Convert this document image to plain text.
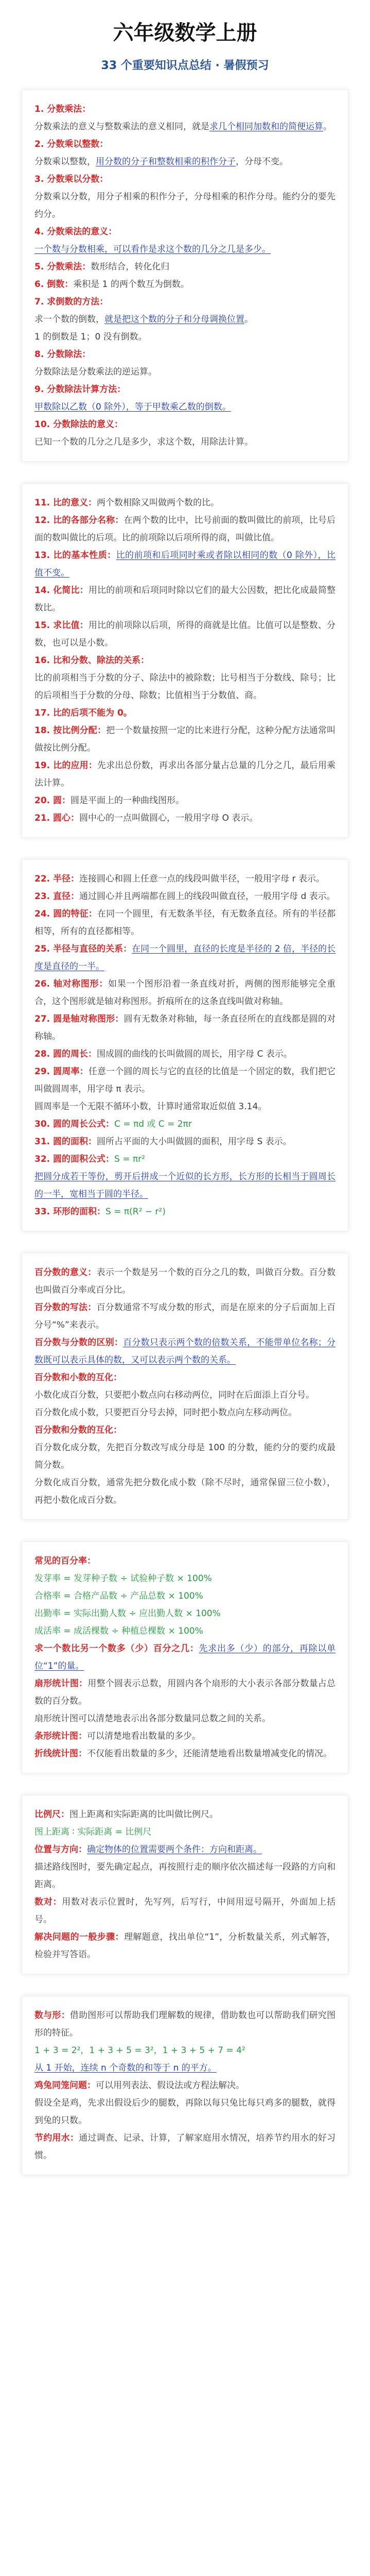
六年级数学上册
33 个重要知识点总结 · 暑假预习

1. 分数乘法：

分数乘法的意义与整数乘法的意义相同，就是求几个相同加数和的简便运算。

2. 分数乘以整数：

分数乘以整数，用分数的分子和整数相乘的积作分子，分母不变。

3. 分数乘以分数：

分数乘以分数，用分子相乘的积作分子，分母相乘的积作分母。能约分的要先约分。

4. 分数乘法的意义：

一个数与分数相乘，可以看作是求这个数的几分之几是多少。

5. 分数乘法：数形结合，转化化归

6. 倒数：乘积是 1 的两个数互为倒数。

7. 求倒数的方法：

求一个数的倒数，就是把这个数的分子和分母调换位置。

1 的倒数是 1；0 没有倒数。

8. 分数除法：

分数除法是分数乘法的逆运算。

9. 分数除法计算方法：

甲数除以乙数（0 除外），等于甲数乘乙数的倒数。

10. 分数除法的意义：

已知一个数的几分之几是多少，求这个数，用除法计算。

11. 比的意义：两个数相除又叫做两个数的比。

12. 比的各部分名称：在两个数的比中，比号前面的数叫做比的前项，比号后面的数叫做比的后项。比的前项除以后项所得的商，叫做比值。

13. 比的基本性质：比的前项和后项同时乘或者除以相同的数（0 除外），比值不变。

14. 化简比：用比的前项和后项同时除以它们的最大公因数，把比化成最简整数比。

15. 求比值：用比的前项除以后项，所得的商就是比值。比值可以是整数、分数，也可以是小数。

16. 比和分数、除法的关系：

比的前项相当于分数的分子、除法中的被除数；比号相当于分数线、除号；比的后项相当于分数的分母、除数；比值相当于分数值、商。

17. 比的后项不能为 0。

18. 按比例分配：把一个数量按照一定的比来进行分配，这种分配方法通常叫做按比例分配。

19. 比的应用：先求出总份数，再求出各部分量占总量的几分之几，最后用乘法计算。

20. 圆：圆是平面上的一种曲线图形。

21. 圆心：圆中心的一点叫做圆心，一般用字母 O 表示。

22. 半径：连接圆心和圆上任意一点的线段叫做半径，一般用字母 r 表示。

23. 直径：通过圆心并且两端都在圆上的线段叫做直径，一般用字母 d 表示。

24. 圆的特征：在同一个圆里，有无数条半径，有无数条直径。所有的半径都相等，所有的直径都相等。

25. 半径与直径的关系：在同一个圆里，直径的长度是半径的 2 倍，半径的长度是直径的一半。

26. 轴对称图形：如果一个图形沿着一条直线对折，两侧的图形能够完全重合，这个图形就是轴对称图形。折痕所在的这条直线叫做对称轴。

27. 圆是轴对称图形：圆有无数条对称轴，每一条直径所在的直线都是圆的对称轴。

28. 圆的周长：围成圆的曲线的长叫做圆的周长，用字母 C 表示。

29. 圆周率：任意一个圆的周长与它的直径的比值是一个固定的数，我们把它叫做圆周率，用字母 π 表示。

圆周率是一个无限不循环小数，计算时通常取近似值 3.14。

30. 圆的周长公式：C = πd 或 C = 2πr

31. 圆的面积：圆所占平面的大小叫做圆的面积，用字母 S 表示。

32. 圆的面积公式：S = πr²

把圆分成若干等份，剪开后拼成一个近似的长方形，长方形的长相当于圆周长的一半，宽相当于圆的半径。

33. 环形的面积：S = π(R² − r²)

百分数的意义：表示一个数是另一个数的百分之几的数，叫做百分数。百分数也叫做百分率或百分比。

百分数的写法：百分数通常不写成分数的形式，而是在原来的分子后面加上百分号“%”来表示。

百分数与分数的区别：百分数只表示两个数的倍数关系，不能带单位名称；分数既可以表示具体的数，又可以表示两个数的关系。

百分数和小数的互化：

小数化成百分数，只要把小数点向右移动两位，同时在后面添上百分号。

百分数化成小数，只要把百分号去掉，同时把小数点向左移动两位。

百分数和分数的互化：

百分数化成分数，先把百分数改写成分母是 100 的分数，能约分的要约成最简分数。

分数化成百分数，通常先把分数化成小数（除不尽时，通常保留三位小数），再把小数化成百分数。

常见的百分率：

发芽率 = 发芽种子数 ÷ 试验种子数 × 100%

合格率 = 合格产品数 ÷ 产品总数 × 100%

出勤率 = 实际出勤人数 ÷ 应出勤人数 × 100%

成活率 = 成活棵数 ÷ 种植总棵数 × 100%

求一个数比另一个数多（少）百分之几：先求出多（少）的部分，再除以单位“1”的量。

扇形统计图：用整个圆表示总数，用圆内各个扇形的大小表示各部分数量占总数的百分数。

扇形统计图可以清楚地表示出各部分数量同总数之间的关系。

条形统计图：可以清楚地看出数量的多少。

折线统计图：不仅能看出数量的多少，还能清楚地看出数量增减变化的情况。

比例尺：图上距离和实际距离的比叫做比例尺。

图上距离 ∶ 实际距离 = 比例尺

位置与方向：确定物体的位置需要两个条件：方向和距离。

描述路线图时，要先确定起点，再按照行走的顺序依次描述每一段路的方向和距离。

数对：用数对表示位置时，先写列，后写行，中间用逗号隔开，外面加上括号。

解决问题的一般步骤：理解题意，找出单位“1”，分析数量关系，列式解答，检验并写答语。

数与形：借助图形可以帮助我们理解数的规律，借助数也可以帮助我们研究图形的特征。

1 + 3 = 2²，1 + 3 + 5 = 3²，1 + 3 + 5 + 7 = 4²

从 1 开始，连续 n 个奇数的和等于 n 的平方。

鸡兔同笼问题：可以用列表法、假设法或方程法解决。

假设全是鸡，先求出假设后少的腿数，再除以每只兔比每只鸡多的腿数，就得到兔的只数。

节约用水：通过调查、记录、计算，了解家庭用水情况，培养节约用水的好习惯。
